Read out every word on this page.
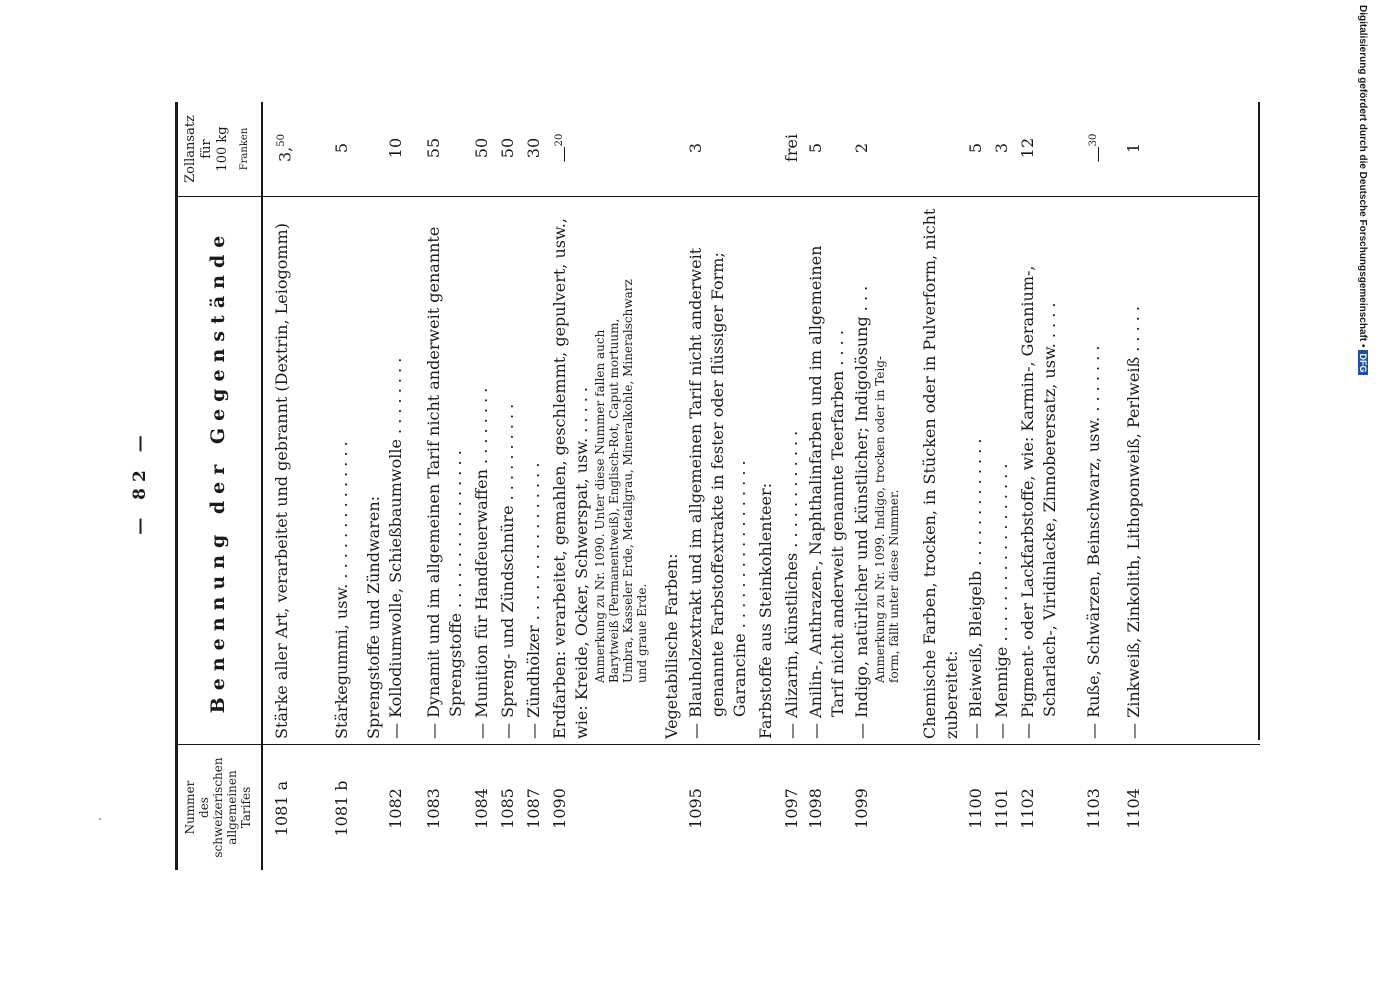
— 82 —
Nummer des schweizerischen allgemeinen Tarifes
Benennung der Gegenstände
Zollansatz für 100 kg Franken
1081 a
Stärke aller Art, verarbeitet und gebrannt (Dextrin, Leiogomm)
3,50
1081 b
Stärkegummi, usw. . . . . . . . . . . . . . .
5
Sprengstoffe und Zündwaren:
1082
— Kollodiumwolle, Schießbaumwolle . . . . . . . .
10
1083
— Dynamit und im allgemeinen Tarif nicht anderweit genannte Sprengstoffe . . . . . . . . . . . . . . . .
55
1084
— Munition für Handfeuerwaffen . . . . . . . .
50
1085
— Spreng- und Zündschnüre . . . . . . . . . .
50
1087
— Zündhölzer . . . . . . . . . . . . . . . .
30
1090
Erdfarben: verarbeitet, gemahlen, geschlemmt, gepulvert, usw., wie: Kreide, Ocker, Schwerspat, usw. . . . . . Anmerkung zu Nr. 1090. Unter diese Nummer fallen auch Barytweiß (Permanentweiß), Englisch-Rot, Caput mortuum, Umbra, Kasseler Erde, Metallgrau, Mineralkohle, Mineralschwarz und graue Erde.
—$^{20}$
Vegetabilische Farben:
1095
— Blauholzextrakt und im allgemeinen Tarif nicht anderweit genannte Farbstoffextrakte in fester oder flüssiger Form; Garancine . . . . . . . . . . . . . . . . .
3
Farbstoffe aus Steinkohlenteer:
1097
— Alizarin, künstliches . . . . . . . . . . . .
frei
1098
— Anilin-, Anthrazen-, Naphthalinfarben und im allgemeinen Tarif nicht anderweit genannte Teerfarben . . . .
5
1099
— Indigo, natürlicher und künstlicher; Indigolösung . . . Anmerkung zu Nr. 1099. Indigo, trocken oder in Teig- form, fällt unter diese Nummer.
2
Chemische Farben, trocken, in Stücken oder in Pulverform, nicht zubereitet:
1100
— Bleiweiß, Bleigelb . . . . . . . . . . . . .
5
1101
— Mennige . . . . . . . . . . . . . . . . . .
3
1102
— Pigment- oder Lackfarbstoffe, wie: Karmin-, Geranium-, Scharlach-, Viridinlacke, Zinnoberersatz, usw. . . . .
12
1103
— Ruße, Schwärzen, Beinschwarz, usw. . . . . . . .
—$^{30}$
1104
— Zinkweiß, Zinkolith, Lithoponweiß, Perlweiß . . . . .
1	Digitalisierung gefördert durch die Deutsche Forschungsgemeinschaft •
DFG
